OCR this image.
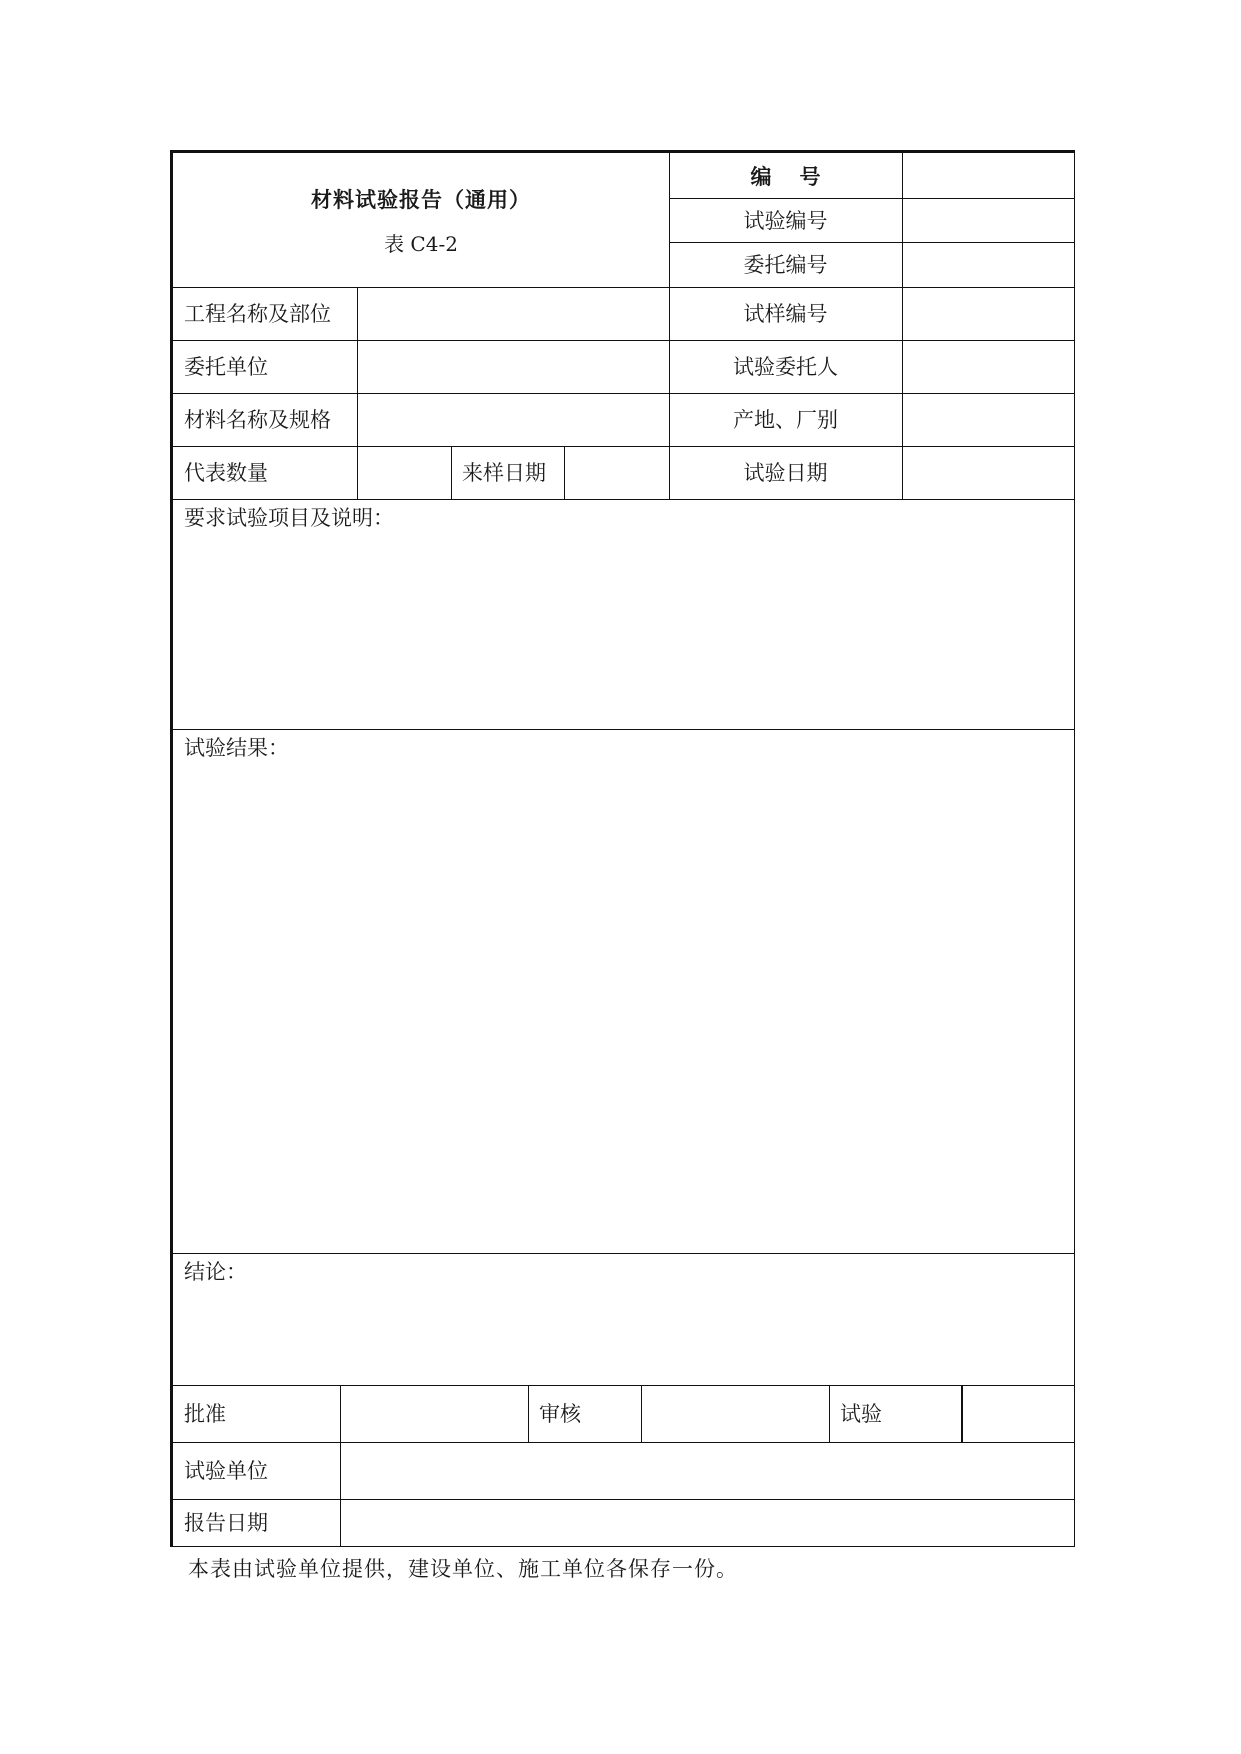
材料试验报告（通用）
表 C4-2
编号
试验编号
委托编号
工程名称及部位	试样编号
委托单位	试验委托人
材料名称及规格	产地、厂别
代表数量	来样日期	试验日期
要求试验项目及说明：
试验结果：
结论：
批准	审核	试验
试验单位
报告日期
本表由试验单位提供，建设单位、施工单位各保存一份。
